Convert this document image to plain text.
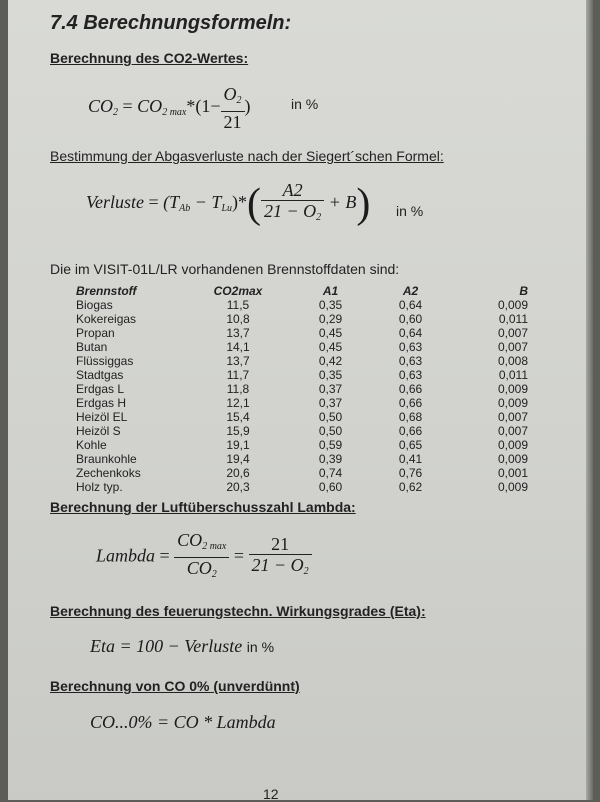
7.4 Berechnungsformeln:
Berechnung des CO2-Wertes:
$CO_2 = CO_{2 max}*(1- \frac{O_2}{21}$ )	in %
Bestimmung der Abgasverluste nach der Siegert´schen Formel:
Verluste = $(T_{Ab} - T_{Lu})*( \frac{A2}{21 - O_2} + B)$ in %
Die im VISIT-01L/LR vorhandenen Brennstoffdaten sind:
Brennstoff	CO2max	A1	A2	B
Biogas	11,5	0,35	0,64	0,009
Kokereigas	10,8	0,29	0,60	0,011
Propan	13,7	0,45	0,64	0,007
Butan	14,1	0,45	0,63	0,007
Flüssiggas	13,7	0,42	0,63	0,008
Stadtgas	11,7	0,35	0,63	0,011
Erdgas L	11,8	0,37	0,66	0,009
Erdgas H	12,1	0,37	0,66	0,009
Heizöl EL	15,4	0,50	0,68	0,007
Heizöl S	15,9	0,50	0,66	0,007
Kohle	19,1	0,59	0,65	0,009
Braunkohle	19,4	0,39	0,41	0,009
Zechenkoks	20,6	0,74	0,76	0,001
Holz typ.	20,3	0,60	0,62	0,009
Berechnung der Luftüberschusszahl Lambda:
Lambda = $\frac{CO_{2 max}}{CO_2} = \frac{21}{21 - O_2}$
Berechnung des feuerungstechn. Wirkungsgrades (Eta):
Eta = 100 − Verluste in %
Berechnung von CO 0% (unverdünnt)
CO...0% = CO * Lambda
12
